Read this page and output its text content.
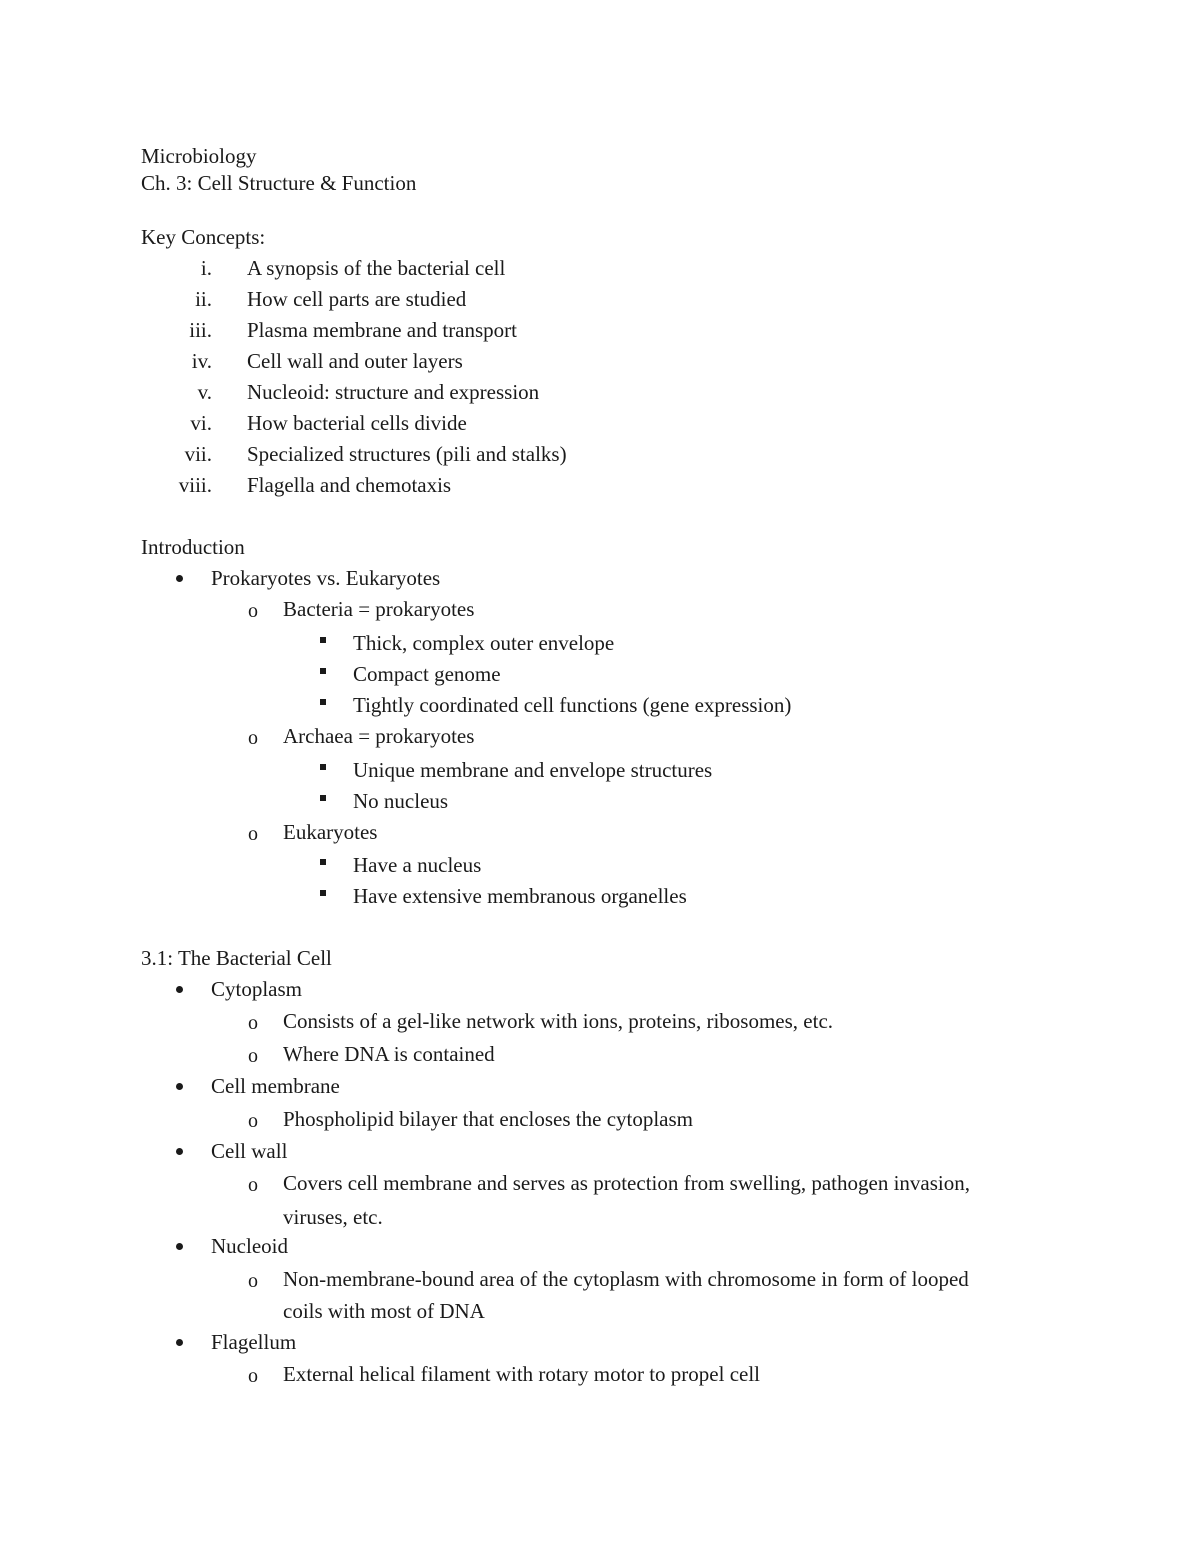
Microbiology
Ch. 3: Cell Structure & Function
Key Concepts:
i. A synopsis of the bacterial cell
ii. How cell parts are studied
iii. Plasma membrane and transport
iv. Cell wall and outer layers
v. Nucleoid: structure and expression
vi. How bacterial cells divide
vii. Specialized structures (pili and stalks)
viii. Flagella and chemotaxis
Introduction
Prokaryotes vs. Eukaryotes
o Bacteria = prokaryotes
Thick, complex outer envelope
Compact genome
Tightly coordinated cell functions (gene expression)
o Archaea = prokaryotes
Unique membrane and envelope structures
No nucleus
o Eukaryotes
Have a nucleus
Have extensive membranous organelles
3.1: The Bacterial Cell
Cytoplasm
o Consists of a gel-like network with ions, proteins, ribosomes, etc.
o Where DNA is contained
Cell membrane
o Phospholipid bilayer that encloses the cytoplasm
Cell wall
o Covers cell membrane and serves as protection from swelling, pathogen invasion,
viruses, etc.
Nucleoid
o Non-membrane-bound area of the cytoplasm with chromosome in form of looped
coils with most of DNA
Flagellum
o External helical filament with rotary motor to propel cell
